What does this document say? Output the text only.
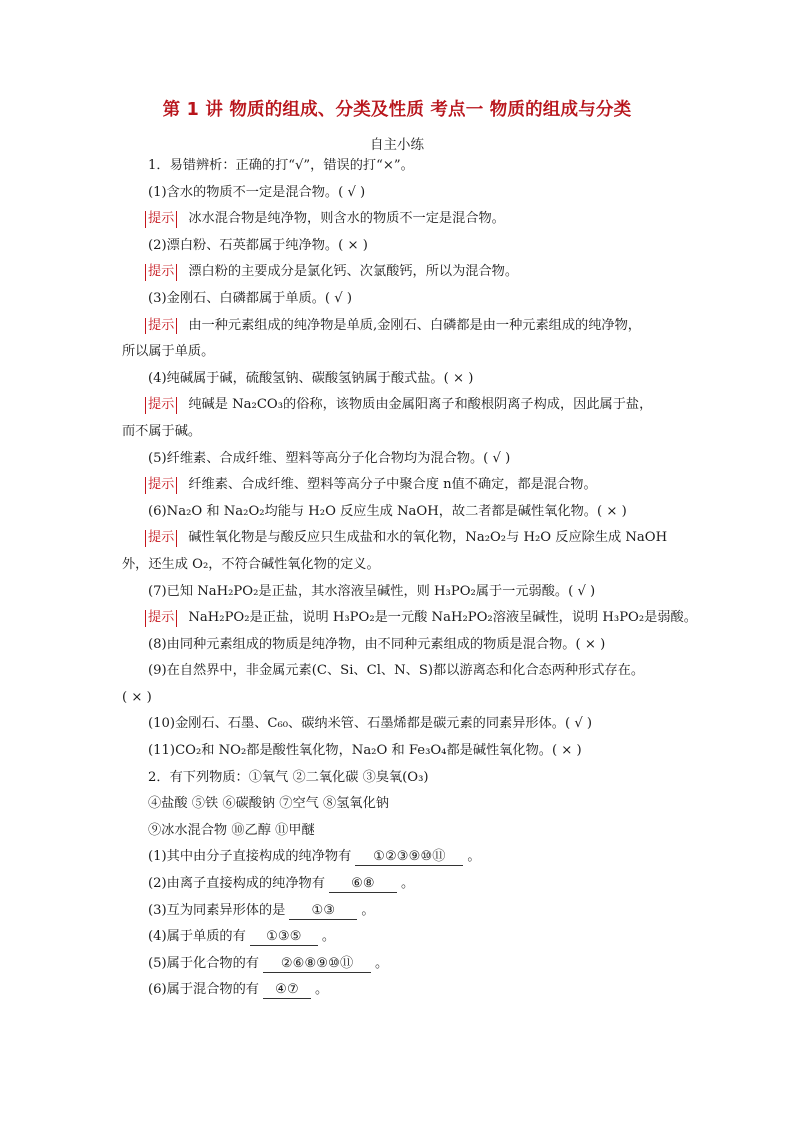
第 1 讲 物质的组成、分类及性质 考点一 物质的组成与分类
自主小练

1．易错辨析：正确的打“√”，错误的打“×”。

(1)含水的物质不一定是混合物。( √ )

提示 冰水混合物是纯净物，则含水的物质不一定是混合物。

(2)漂白粉、石英都属于纯净物。( × )

提示 漂白粉的主要成分是氯化钙、次氯酸钙，所以为混合物。

(3)金刚石、白磷都属于单质。( √ )

提示 由一种元素组成的纯净物是单质,金刚石、白磷都是由一种元素组成的纯净物，

所以属于单质。

(4)纯碱属于碱，硫酸氢钠、碳酸氢钠属于酸式盐。( × )

提示 纯碱是 Na₂CO₃的俗称，该物质由金属阳离子和酸根阴离子构成，因此属于盐，

而不属于碱。

(5)纤维素、合成纤维、塑料等高分子化合物均为混合物。( √ )

提示 纤维素、合成纤维、塑料等高分子中聚合度 n值不确定，都是混合物。

(6)Na₂O 和 Na₂O₂均能与 H₂O 反应生成 NaOH，故二者都是碱性氧化物。( × )

提示 碱性氧化物是与酸反应只生成盐和水的氧化物，Na₂O₂与 H₂O 反应除生成 NaOH

外，还生成 O₂，不符合碱性氧化物的定义。

(7)已知 NaH₂PO₂是正盐，其水溶液呈碱性，则 H₃PO₂属于一元弱酸。( √ )

提示 NaH₂PO₂是正盐，说明 H₃PO₂是一元酸 NaH₂PO₂溶液呈碱性，说明 H₃PO₂是弱酸。

(8)由同种元素组成的物质是纯净物，由不同种元素组成的物质是混合物。( × )

(9)在自然界中，非金属元素(C、Si、Cl、N、S)都以游离态和化合态两种形式存在。

( × )

(10)金刚石、石墨、C₆₀、碳纳米管、石墨烯都是碳元素的同素异形体。( √ )

(11)CO₂和 NO₂都是酸性氧化物，Na₂O 和 Fe₃O₄都是碱性氧化物。( × )

2．有下列物质：①氧气 ②二氧化碳 ③臭氧(O₃)

④盐酸 ⑤铁 ⑥碳酸钠 ⑦空气 ⑧氢氧化钠

⑨冰水混合物 ⑩乙醇 ⑪甲醚

(1)其中由分子直接构成的纯净物有 ①②③⑨⑩⑪ 。

(2)由离子直接构成的纯净物有 ⑥⑧ 。

(3)互为同素异形体的是 ①③ 。

(4)属于单质的有 ①③⑤ 。

(5)属于化合物的有 ②⑥⑧⑨⑩⑪ 。

(6)属于混合物的有 ④⑦ 。
